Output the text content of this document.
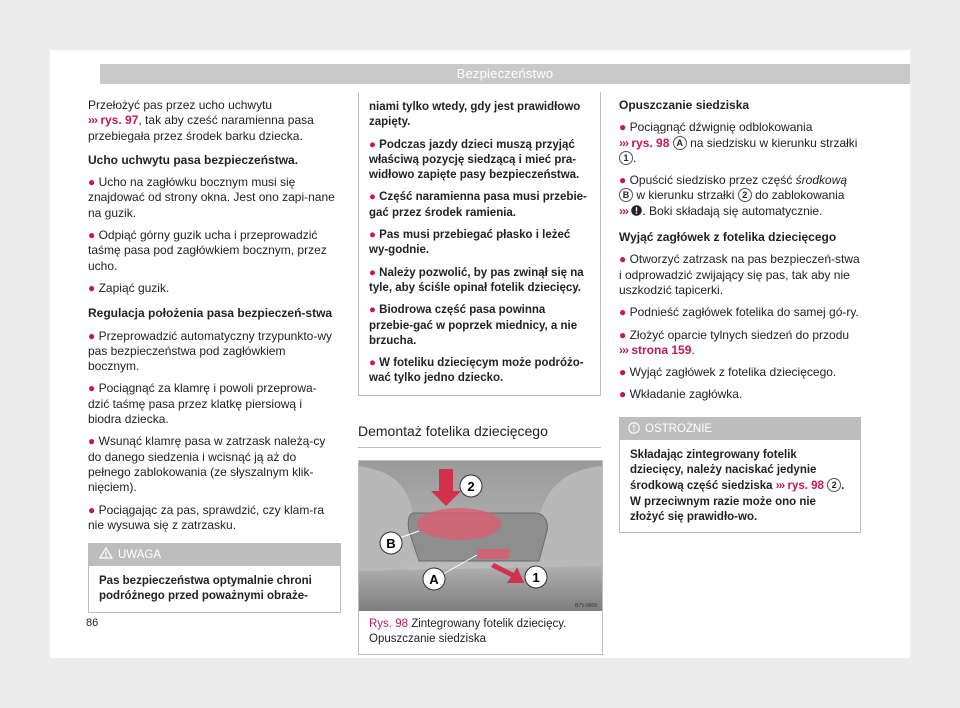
Bezpieczeństwo

Przełożyć pas przez ucho uchwytu
››› rys. 97, tak aby cześć naramienna pasa przebiegała przez środek barku dziecka.

Ucho uchwytu pasa bezpieczeństwa.

● Ucho na zagłówku bocznym musi się znajdować od strony okna. Jest ono zapi-nane na guzik.

● Odpiąć górny guzik ucha i przeprowadzić taśmę pasa pod zagłówkiem bocznym, przez ucho.

● Zapiąć guzik.

Regulacja położenia pasa bezpieczeń-stwa

● Przeprowadzić automatyczny trzypunkto-wy pas bezpieczeństwa pod zagłówkiem bocznym.

● Pociągnąć za klamrę i powoli przeprowa-dzić taśmę pasa przez klatkę piersiową i biodra dziecka.

● Wsunąć klamrę pasa w zatrzask należą-cy do danego siedzenia i wcisnąć ją aż do pełnego zablokowania (ze słyszalnym klik-nięciem).

● Pociągając za pas, sprawdzić, czy klam-ra nie wysuwa się z zatrzasku.

UWAGA
Pas bezpieczeństwa optymalnie chroni podróżnego przed poważnymi obraże-

niami tylko wtedy, gdy jest prawidłowo zapięty.

● Podczas jazdy dzieci muszą przyjąć właściwą pozycję siedzącą i mieć pra-widłowo zapięte pasy bezpieczeństwa.

● Część naramienna pasa musi przebie-gać przez środek ramienia.

● Pas musi przebiegać płasko i leżeć wy-godnie.

● Należy pozwolić, by pas zwinął się na tyle, aby ściśle opinał fotelik dziecięcy.

● Biodrowa część pasa powinna przebie-gać w poprzek miednicy, a nie brzucha.

● W foteliku dziecięcym może podróżo-wać tylko jedno dziecko.

Demontaż fotelika dziecięcego
2
B
A	1
B7V-0669
Rys. 98 Zintegrowany fotelik dziecięcy. Opuszczanie siedziska

Opuszczanie siedziska

● Pociągnąć dźwignię odblokowania
››› rys. 98 A na siedzisku w kierunku strzałki 1 .

● Opuścić siedzisko przez część środkową
B w kierunku strzałki 2 do zablokowania
››› . Boki składają się automatycznie.

Wyjąć zagłówek z fotelika dziecięcego

● Otworzyć zatrzask na pas bezpieczeń-stwa i odprowadzić zwijający się pas, tak aby nie uszkodzić tapicerki.

● Podnieść zagłówek fotelika do samej gó-ry.

● Złożyć oparcie tylnych siedzeń do przodu
››› strona 159.

● Wyjąć zagłówek z fotelika dziecięcego.

● Wkładanie zagłówka.

OSTROŻNIE
Składając zintegrowany fotelik dziecięcy, należy naciskać jedynie środkową część siedziska ››› rys. 98 2 . W przeciwnym razie może ono nie złożyć się prawidło-wo.
86
